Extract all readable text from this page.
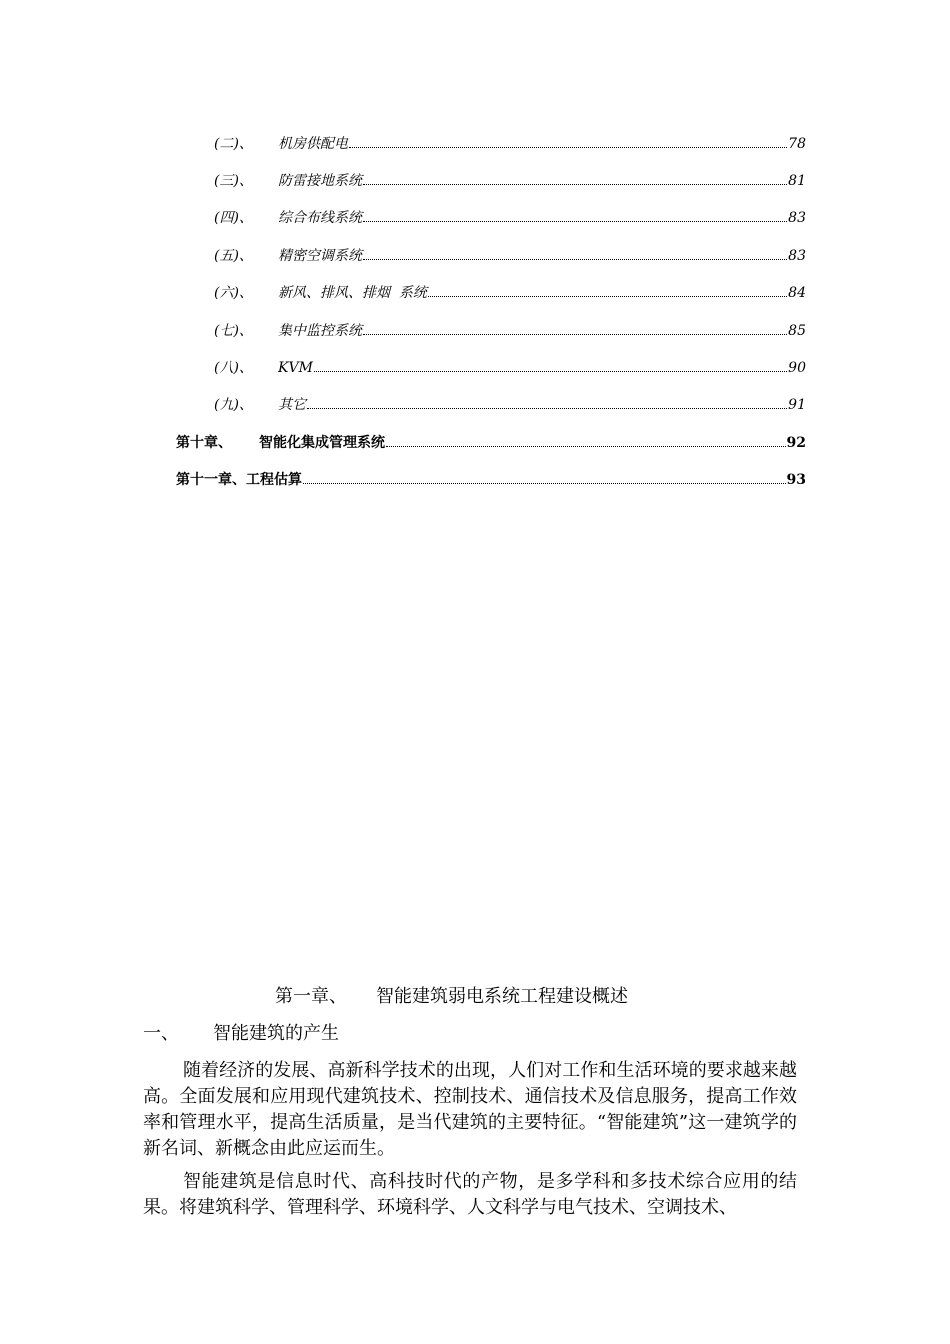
(二)、	机房供配电	78
(三)、	防雷接地系统	81
(四)、	综合布线系统	83
(五)、	精密空调系统	83
(六)、	新风、排风、排烟  系统	84
(七)、	集中监控系统	85
(八)、	KVM	90
(九)、	其它	91
第十章、	智能化集成管理系统	92
第十一章、 工程估算	93
第一章、 智能建筑弱电系统工程建设概述
一、 智能建筑的产生

随着经济的发展、高新科学技术的出现，人们对工作和生活环境的要求越来越高。全面发展和应用现代建筑技术、控制技术、通信技术及信息服务，提高工作效率和管理水平，提高生活质量，是当代建筑的主要特征。“智能建筑”这一建筑学的新名词、新概念由此应运而生。

智能建筑是信息时代、高科技时代的产物，是多学科和多技术综合应用的结果。将建筑科学、管理科学、环境科学、人文科学与电气技术、空调技术、
